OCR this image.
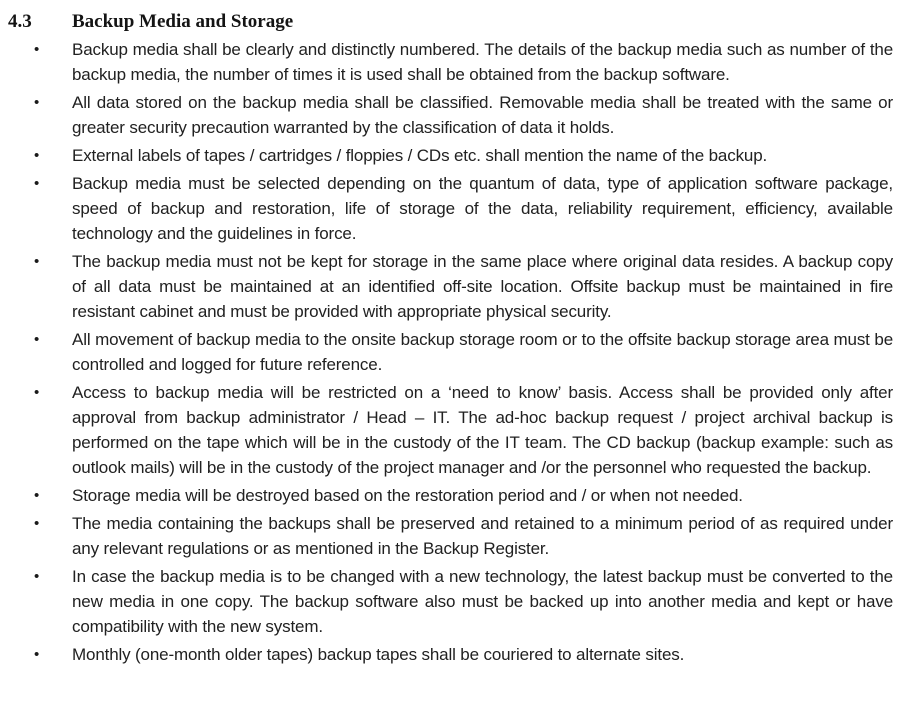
4.3	Backup Media and Storage
•	Backup media shall be clearly and distinctly numbered. The details of the backup media such as number of the backup media, the number of times it is used shall be obtained from the backup software.

•	All data stored on the backup media shall be classified. Removable media shall be treated with the same or greater security precaution warranted by the classification of data it holds.

•	External labels of tapes / cartridges / floppies / CDs etc. shall mention the name of the backup.

•	Backup media must be selected depending on the quantum of data, type of application software package, speed of backup and restoration, life of storage of the data, reliability requirement, efficiency, available technology and the guidelines in force.

•	The backup media must not be kept for storage in the same place where original data resides. A backup copy of all data must be maintained at an identified off-site location. Offsite backup must be maintained in fire resistant cabinet and must be provided with appropriate physical security.

•	All movement of backup media to the onsite backup storage room or to the offsite backup storage area must be controlled and logged for future reference.

•	Access to backup media will be restricted on a ‘need to know’ basis. Access shall be provided only after approval from backup administrator / Head – IT. The ad-hoc backup request / project archival backup is performed on the tape which will be in the custody of the IT team. The CD backup (backup example: such as outlook mails) will be in the custody of the project manager and /or the personnel who requested the backup.

•	Storage media will be destroyed based on the restoration period and / or when not needed.

•	The media containing the backups shall be preserved and retained to a minimum period of as required under any relevant regulations or as mentioned in the Backup Register.

•	In case the backup media is to be changed with a new technology, the latest backup must be converted to the new media in one copy. The backup software also must be backed up into another media and kept or have compatibility with the new system.

•	Monthly (one-month older tapes) backup tapes shall be couriered to alternate sites.
